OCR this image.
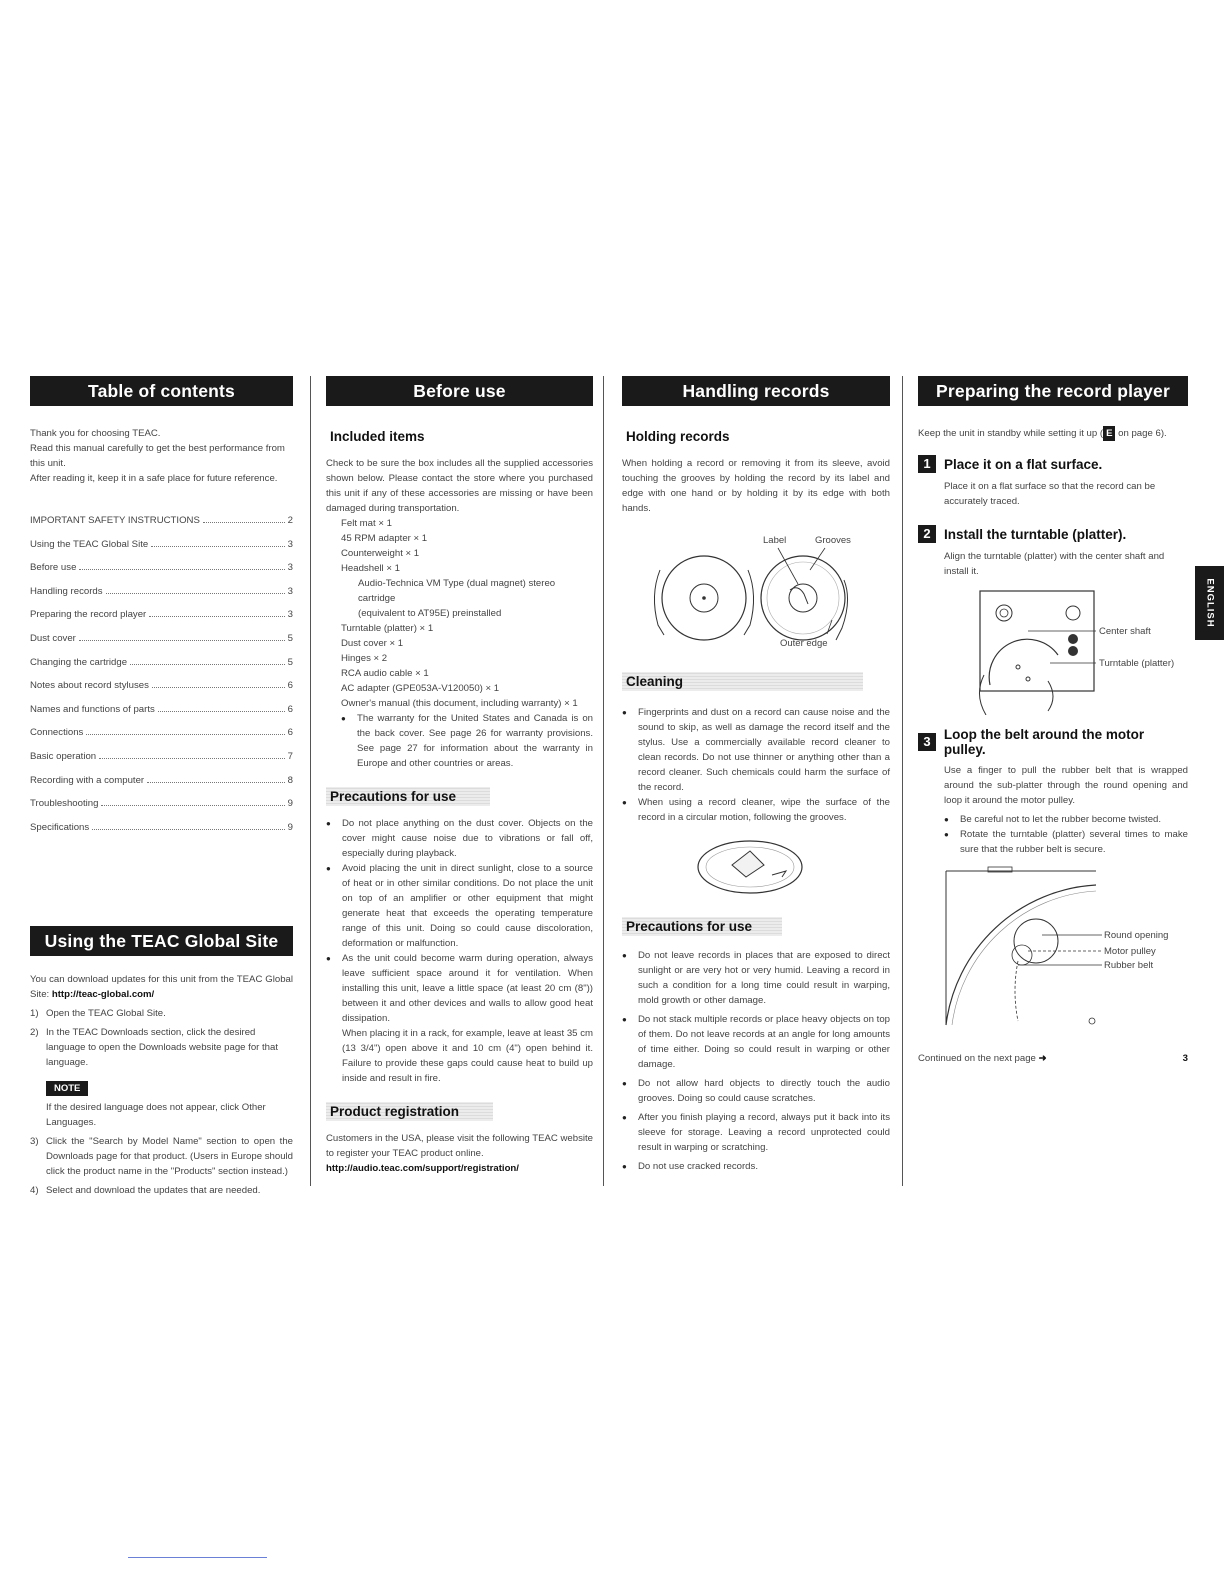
Table of contents
Thank you for choosing TEAC.
Read this manual carefully to get the best performance from this unit.
After reading it, keep it in a safe place for future reference.
IMPORTANT SAFETY INSTRUCTIONS	2
Using the TEAC Global Site	3
Before use	3
Handling records	3
Preparing the record player	3
Dust cover	5
Changing the cartridge	5
Notes about record styluses	6
Names and functions of parts	6
Connections	6
Basic operation	7
Recording with a computer	8
Troubleshooting	9
Specifications	9
Using the TEAC Global Site
You can download updates for this unit from the TEAC Global Site: http://teac-global.com/
1) Open the TEAC Global Site.
2) In the TEAC Downloads section, click the desired language to open the Downloads website page for that language.
NOTE
If the desired language does not appear, click Other Languages.
3) Click the "Search by Model Name" section to open the Downloads page for that product. (Users in Europe should click the product name in the "Products" section instead.)
4) Select and download the updates that are needed.
Before use
Included items
Check to be sure the box includes all the supplied accessories shown below. Please contact the store where you purchased this unit if any of these accessories are missing or have been damaged during transportation.
Felt mat × 1
45 RPM adapter × 1
Counterweight × 1
Headshell × 1
Audio-Technica VM Type (dual magnet) stereo cartridge
(equivalent to AT95E) preinstalled
Turntable (platter) × 1
Dust cover × 1
Hinges × 2
RCA audio cable × 1
AC adapter (GPE053A-V120050) × 1
Owner's manual (this document, including warranty) × 1
● The warranty for the United States and Canada is on the back cover. See page 26 for warranty provisions. See page 27 for information about the warranty in Europe and other countries or areas.
Precautions for use
● Do not place anything on the dust cover. Objects on the cover might cause noise due to vibrations or fall off, especially during playback.
● Avoid placing the unit in direct sunlight, close to a source of heat or in other similar conditions. Do not place the unit on top of an amplifier or other equipment that might generate heat that exceeds the operating temperature range of this unit. Doing so could cause discoloration, deformation or malfunction.
● As the unit could become warm during operation, always leave sufficient space around it for ventilation. When installing this unit, leave a little space (at least 20 cm (8")) between it and other devices and walls to allow good heat dissipation.
When placing it in a rack, for example, leave at least 35 cm (13 3/4") open above it and 10 cm (4") open behind it. Failure to provide these gaps could cause heat to build up inside and result in fire.
Product registration
Customers in the USA, please visit the following TEAC website to register your TEAC product online.
http://audio.teac.com/support/registration/
Handling records
Holding records
When holding a record or removing it from its sleeve, avoid touching the grooves by holding the record by its label and edge with one hand or by holding it by its edge with both hands.
Label	Grooves
Outer edge
Cleaning
● Fingerprints and dust on a record can cause noise and the sound to skip, as well as damage the record itself and the stylus. Use a commercially available record cleaner to clean records. Do not use thinner or anything other than a record cleaner. Such chemicals could harm the surface of the record.
● When using a record cleaner, wipe the surface of the record in a circular motion, following the grooves.
Precautions for use
● Do not leave records in places that are exposed to direct sunlight or are very hot or very humid. Leaving a record in such a condition for a long time could result in warping, mold growth or other damage.
● Do not stack multiple records or place heavy objects on top of them. Do not leave records at an angle for long amounts of time either. Doing so could result in warping or other damage.
● Do not allow hard objects to directly touch the audio grooves. Doing so could cause scratches.
● After you finish playing a record, always put it back into its sleeve for storage. Leaving a record unprotected could result in warping or scratching.
● Do not use cracked records.
Preparing the record player
Keep the unit in standby while setting it up ( E on page 6).
1 Place it on a flat surface.
Place it on a flat surface so that the record can be accurately traced.
2 Install the turntable (platter).
Align the turntable (platter) with the center shaft and install it.
Center shaft
Turntable (platter)
3 Loop the belt around the motor pulley.
Use a finger to pull the rubber belt that is wrapped around the sub-platter through the round opening and loop it around the motor pulley.
● Be careful not to let the rubber become twisted.
● Rotate the turntable (platter) several times to make sure that the rubber belt is secure.
Round opening
Motor pulley
Rubber belt
Continued on the next page ➜	3
ENGLISH
